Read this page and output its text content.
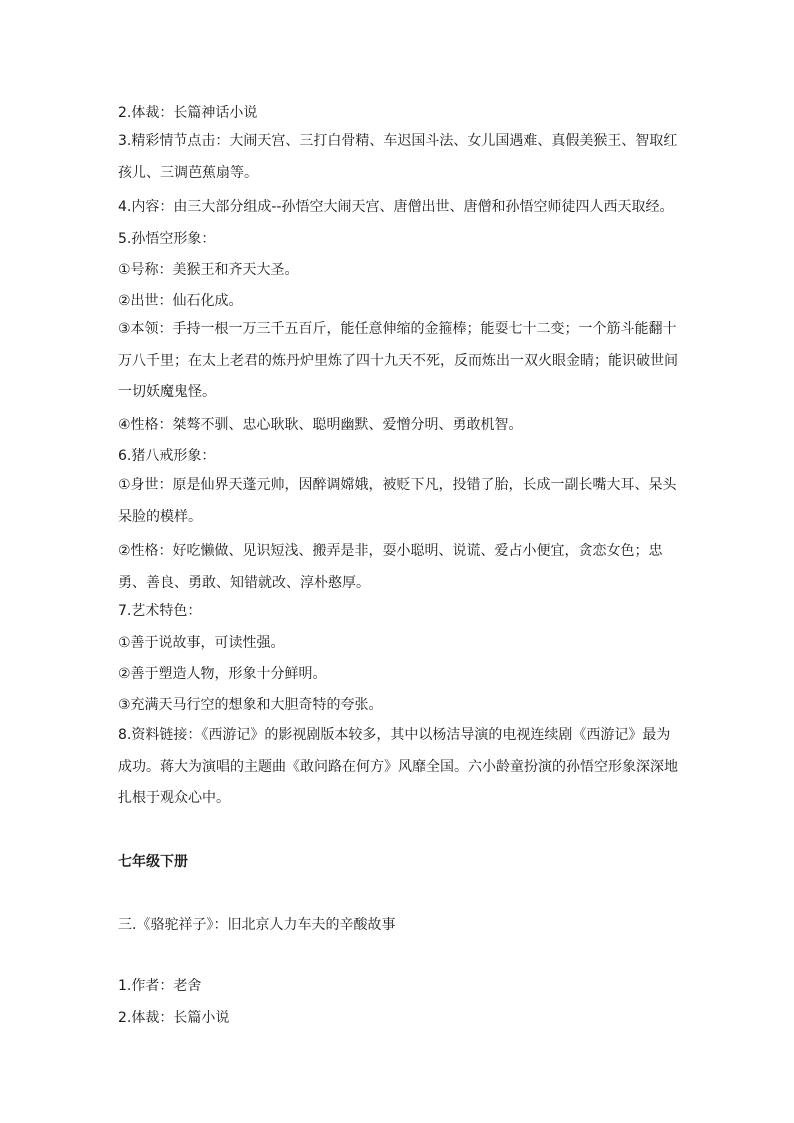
2.体裁：长篇神话小说
3.精彩情节点击：大闹天宫、三打白骨精、车迟国斗法、女儿国遇难、真假美猴王、智取红孩儿、三调芭蕉扇等。
4.内容：由三大部分组成--孙悟空大闹天宫、唐僧出世、唐僧和孙悟空师徒四人西天取经。
5.孙悟空形象：
①号称：美猴王和齐天大圣。
②出世：仙石化成。
③本领：手持一根一万三千五百斤，能任意伸缩的金箍棒；能耍七十二变；一个筋斗能翻十万八千里；在太上老君的炼丹炉里炼了四十九天不死，反而炼出一双火眼金睛；能识破世间一切妖魔鬼怪。
④性格：桀骜不驯、忠心耿耿、聪明幽默、爱憎分明、勇敢机智。
6.猪八戒形象：
①身世：原是仙界天蓬元帅，因醉调嫦娥，被贬下凡，投错了胎，长成一副长嘴大耳、呆头呆脸的模样。
②性格：好吃懒做、见识短浅、搬弄是非，耍小聪明、说谎、爱占小便宜，贪恋女色；忠勇、善良、勇敢、知错就改、淳朴憨厚。
7.艺术特色：
①善于说故事，可读性强。
②善于塑造人物，形象十分鲜明。
③充满天马行空的想象和大胆奇特的夸张。
8.资料链接：《西游记》的影视剧版本较多，其中以杨洁导演的电视连续剧《西游记》最为成功。蒋大为演唱的主题曲《敢问路在何方》风靡全国。六小龄童扮演的孙悟空形象深深地扎根于观众心中。
七年级下册
三.《骆驼祥子》：旧北京人力车夫的辛酸故事
1.作者：老舍
2.体裁：长篇小说
